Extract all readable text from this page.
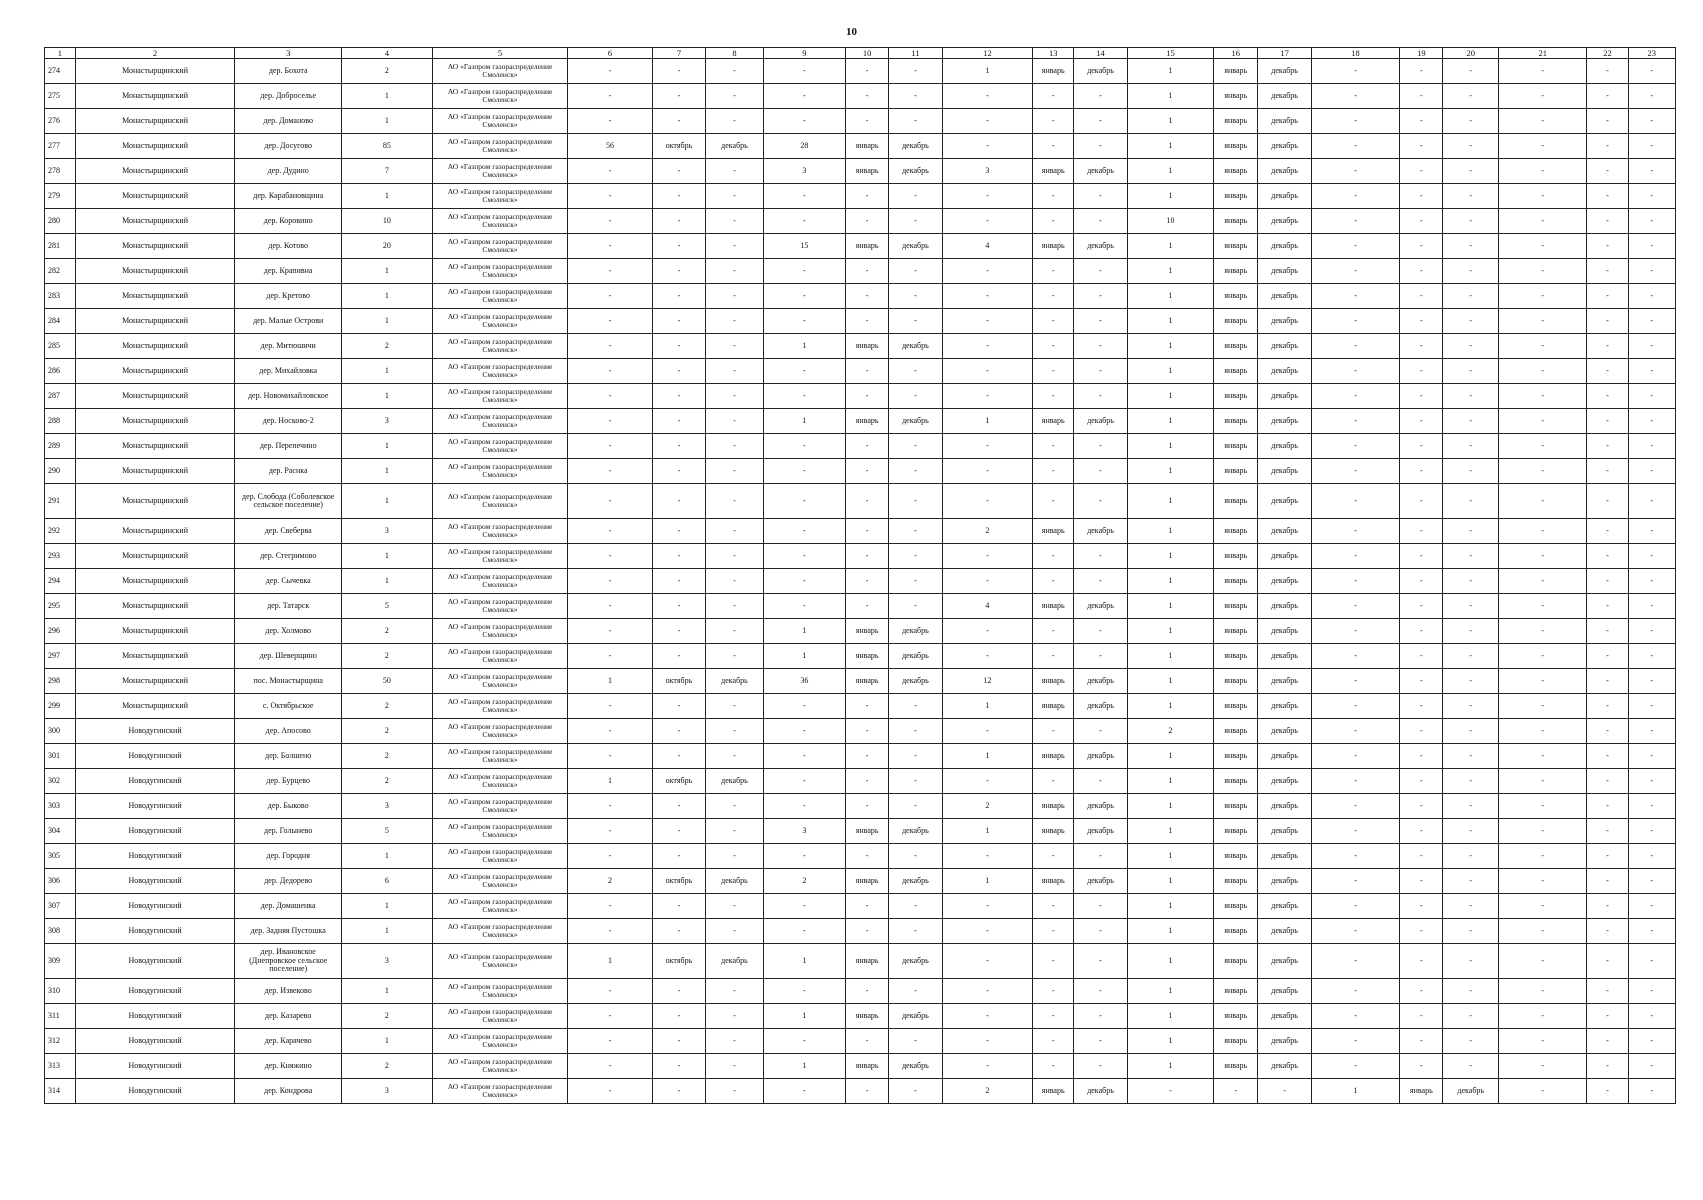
10
1	2	3	4	5	6	7	8	9	10	11	12	13	14	15	16	17	18	19	20	21	22	23
274	Монастырщинский	дер. Бохота	2	АО «Газпром газораспределение Смоленск»	-	-	-	-	-	-	1	январь	декабрь	1	январь	декабрь	-	-	-	-	-	-
275	Монастырщинский	дер. Доброселье	1	АО «Газпром газораспределение Смоленск»	-	-	-	-	-	-	-	-	-	1	январь	декабрь	-	-	-	-	-	-
276	Монастырщинский	дер. Доманово	1	АО «Газпром газораспределение Смоленск»	-	-	-	-	-	-	-	-	-	1	январь	декабрь	-	-	-	-	-	-
277	Монастырщинский	дер. Досугово	85	АО «Газпром газораспределение Смоленск»	56	октябрь	декабрь	28	январь	декабрь	-	-	-	1	январь	декабрь	-	-	-	-	-	-
278	Монастырщинский	дер. Дудино	7	АО «Газпром газораспределение Смоленск»	-	-	-	3	январь	декабрь	3	январь	декабрь	1	январь	декабрь	-	-	-	-	-	-
279	Монастырщинский	дер. Карабановщина	1	АО «Газпром газораспределение Смоленск»	-	-	-	-	-	-	-	-	-	1	январь	декабрь	-	-	-	-	-	-
280	Монастырщинский	дер. Коровино	10	АО «Газпром газораспределение Смоленск»	-	-	-	-	-	-	-	-	-	10	январь	декабрь	-	-	-	-	-	-
281	Монастырщинский	дер. Котово	20	АО «Газпром газораспределение Смоленск»	-	-	-	15	январь	декабрь	4	январь	декабрь	1	январь	декабрь	-	-	-	-	-	-
282	Монастырщинский	дер. Крапивна	1	АО «Газпром газораспределение Смоленск»	-	-	-	-	-	-	-	-	-	1	январь	декабрь	-	-	-	-	-	-
283	Монастырщинский	дер. Кретово	1	АО «Газпром газораспределение Смоленск»	-	-	-	-	-	-	-	-	-	1	январь	декабрь	-	-	-	-	-	-
284	Монастырщинский	дер. Малые Острови	1	АО «Газпром газораспределение Смоленск»	-	-	-	-	-	-	-	-	-	1	январь	декабрь	-	-	-	-	-	-
285	Монастырщинский	дер. Митюшичи	2	АО «Газпром газораспределение Смоленск»	-	-	-	1	январь	декабрь	-	-	-	1	январь	декабрь	-	-	-	-	-	-
286	Монастырщинский	дер. Михайловка	1	АО «Газпром газораспределение Смоленск»	-	-	-	-	-	-	-	-	-	1	январь	декабрь	-	-	-	-	-	-
287	Монастырщинский	дер. Новомихайловское	1	АО «Газпром газораспределение Смоленск»	-	-	-	-	-	-	-	-	-	1	январь	декабрь	-	-	-	-	-	-
288	Монастырщинский	дер. Носково-2	3	АО «Газпром газораспределение Смоленск»	-	-	-	1	январь	декабрь	1	январь	декабрь	1	январь	декабрь	-	-	-	-	-	-
289	Монастырщинский	дер. Перепечино	1	АО «Газпром газораспределение Смоленск»	-	-	-	-	-	-	-	-	-	1	январь	декабрь	-	-	-	-	-	-
290	Монастырщинский	дер. Раснка	1	АО «Газпром газораспределение Смоленск»	-	-	-	-	-	-	-	-	-	1	январь	декабрь	-	-	-	-	-	-
291	Монастырщинский	дер. Слобода (Соболевское сельское поселение)	1	АО «Газпром газораспределение Смоленск»	-	-	-	-	-	-	-	-	-	1	январь	декабрь	-	-	-	-	-	-
292	Монастырщинский	дер. Свеберва	3	АО «Газпром газораспределение Смоленск»	-	-	-	-	-	-	2	январь	декабрь	1	январь	декабрь	-	-	-	-	-	-
293	Монастырщинский	дер. Стегримово	1	АО «Газпром газораспределение Смоленск»	-	-	-	-	-	-	-	-	-	1	январь	декабрь	-	-	-	-	-	-
294	Монастырщинский	дер. Сычевка	1	АО «Газпром газораспределение Смоленск»	-	-	-	-	-	-	-	-	-	1	январь	декабрь	-	-	-	-	-	-
295	Монастырщинский	дер. Татарск	5	АО «Газпром газораспределение Смоленск»	-	-	-	-	-	-	4	январь	декабрь	1	январь	декабрь	-	-	-	-	-	-
296	Монастырщинский	дер. Холмово	2	АО «Газпром газораспределение Смоленск»	-	-	-	1	январь	декабрь	-	-	-	1	январь	декабрь	-	-	-	-	-	-
297	Монастырщинский	дер. Шеверщино	2	АО «Газпром газораспределение Смоленск»	-	-	-	1	январь	декабрь	-	-	-	1	январь	декабрь	-	-	-	-	-	-
298	Монастырщинский	пос. Монастырщина	50	АО «Газпром газораспределение Смоленск»	1	октябрь	декабрь	36	январь	декабрь	12	январь	декабрь	1	январь	декабрь	-	-	-	-	-	-
299	Монастырщинский	с. Октябрьское	2	АО «Газпром газораспределение Смоленск»	-	-	-	-	-	-	1	январь	декабрь	1	январь	декабрь	-	-	-	-	-	-
300	Новодугинский	дер. Апосово	2	АО «Газпром газораспределение Смоленск»	-	-	-	-	-	-	-	-	-	2	январь	декабрь	-	-	-	-	-	-
301	Новодугинский	дер. Болшено	2	АО «Газпром газораспределение Смоленск»	-	-	-	-	-	-	1	январь	декабрь	1	январь	декабрь	-	-	-	-	-	-
302	Новодугинский	дер. Бурцево	2	АО «Газпром газораспределение Смоленск»	1	октябрь	декабрь	-	-	-	-	-	-	1	январь	декабрь	-	-	-	-	-	-
303	Новодугинский	дер. Быково	3	АО «Газпром газораспределение Смоленск»	-	-	-	-	-	-	2	январь	декабрь	1	январь	декабрь	-	-	-	-	-	-
304	Новодугинский	дер. Голынево	5	АО «Газпром газораспределение Смоленск»	-	-	-	3	январь	декабрь	1	январь	декабрь	1	январь	декабрь	-	-	-	-	-	-
305	Новодугинский	дер. Городня	1	АО «Газпром газораспределение Смоленск»	-	-	-	-	-	-	-	-	-	1	январь	декабрь	-	-	-	-	-	-
306	Новодугинский	дер. Дедорево	6	АО «Газпром газораспределение Смоленск»	2	октябрь	декабрь	2	январь	декабрь	1	январь	декабрь	1	январь	декабрь	-	-	-	-	-	-
307	Новодугинский	дер. Домашенка	1	АО «Газпром газораспределение Смоленск»	-	-	-	-	-	-	-	-	-	1	январь	декабрь	-	-	-	-	-	-
308	Новодугинский	дер. Задняя Пустошка	1	АО «Газпром газораспределение Смоленск»	-	-	-	-	-	-	-	-	-	1	январь	декабрь	-	-	-	-	-	-
309	Новодугинский	дер. Ивановское (Днепровское сельское поселение)	3	АО «Газпром газораспределение Смоленск»	1	октябрь	декабрь	1	январь	декабрь	-	-	-	1	январь	декабрь	-	-	-	-	-	-
310	Новодугинский	дер. Извеково	1	АО «Газпром газораспределение Смоленск»	-	-	-	-	-	-	-	-	-	1	январь	декабрь	-	-	-	-	-	-
311	Новодугинский	дер. Казарево	2	АО «Газпром газораспределение Смоленск»	-	-	-	1	январь	декабрь	-	-	-	1	январь	декабрь	-	-	-	-	-	-
312	Новодугинский	дер. Карачево	1	АО «Газпром газораспределение Смоленск»	-	-	-	-	-	-	-	-	-	1	январь	декабрь	-	-	-	-	-	-
313	Новодугинский	дер. Княжино	2	АО «Газпром газораспределение Смоленск»	-	-	-	1	январь	декабрь	-	-	-	1	январь	декабрь	-	-	-	-	-	-
314	Новодугинский	дер. Кондрова	3	АО «Газпром газораспределение Смоленск»	-	-	-	-	-	-	2	январь	декабрь	-	-	-	1	январь	декабрь	-	-	-
